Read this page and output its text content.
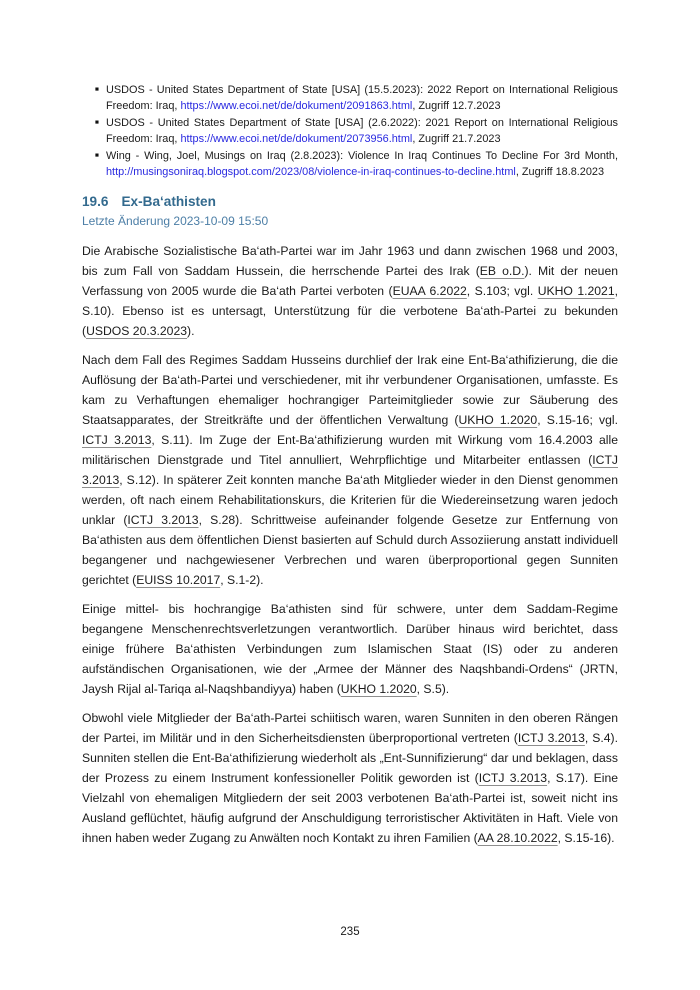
■ USDOS - United States Department of State [USA] (15.5.2023): 2022 Report on International Religious Freedom: Iraq, https://www.ecoi.net/de/dokument/2091863.html, Zugriff 12.7.2023
■ USDOS - United States Department of State [USA] (2.6.2022): 2021 Report on International Religious Freedom: Iraq, https://www.ecoi.net/de/dokument/2073956.html, Zugriff 21.7.2023
■ Wing - Wing, Joel, Musings on Iraq (2.8.2023): Violence In Iraq Continues To Decline For 3rd Month, http://musingsoniraq.blogspot.com/2023/08/violence-in-iraq-continues-to-decline.html, Zugriff 18.8.2023
19.6 Ex-Ba‘athisten
Letzte Änderung 2023-10-09 15:50

Die Arabische Sozialistische Ba‘ath-Partei war im Jahr 1963 und dann zwischen 1968 und 2003, bis zum Fall von Saddam Hussein, die herrschende Partei des Irak (EB o.D.). Mit der neuen Verfassung von 2005 wurde die Ba‘ath Partei verboten (EUAA 6.2022, S.103; vgl. UKHO 1.2021, S.10). Ebenso ist es untersagt, Unterstützung für die verbotene Ba‘ath-Partei zu bekunden (USDOS 20.3.2023).

Nach dem Fall des Regimes Saddam Husseins durchlief der Irak eine Ent-Ba‘athifizierung, die die Auflösung der Ba‘ath-Partei und verschiedener, mit ihr verbundener Organisationen, umfasste. Es kam zu Verhaftungen ehemaliger hochrangiger Parteimitglieder sowie zur Säuberung des Staatsapparates, der Streitkräfte und der öffentlichen Verwaltung (UKHO 1.2020, S.15-16; vgl. ICTJ 3.2013, S.11). Im Zuge der Ent-Ba‘athifizierung wurden mit Wirkung vom 16.4.2003 alle militärischen Dienstgrade und Titel annulliert, Wehrpflichtige und Mitarbeiter entlassen (ICTJ 3.2013, S.12). In späterer Zeit konnten manche Ba‘ath Mitglieder wieder in den Dienst genommen werden, oft nach einem Rehabilitationskurs, die Kriterien für die Wiedereinsetzung waren jedoch unklar (ICTJ 3.2013, S.28). Schrittweise aufeinander folgende Gesetze zur Entfernung von Ba‘athisten aus dem öffentlichen Dienst basierten auf Schuld durch Assoziierung anstatt individuell begangener und nachgewiesener Verbrechen und waren überproportional gegen Sunniten gerichtet (EUISS 10.2017, S.1-2).

Einige mittel- bis hochrangige Ba‘athisten sind für schwere, unter dem Saddam-Regime begangene Menschenrechtsverletzungen verantwortlich. Darüber hinaus wird berichtet, dass einige frühere Ba‘athisten Verbindungen zum Islamischen Staat (IS) oder zu anderen aufständischen Organisationen, wie der „Armee der Männer des Naqshbandi-Ordens“ (JRTN, Jaysh Rijal al-Tariqa al-Naqshbandiyya) haben (UKHO 1.2020, S.5).

Obwohl viele Mitglieder der Ba‘ath-Partei schiitisch waren, waren Sunniten in den oberen Rängen der Partei, im Militär und in den Sicherheitsdiensten überproportional vertreten (ICTJ 3.2013, S.4). Sunniten stellen die Ent-Ba‘athifizierung wiederholt als „Ent-Sunnifizierung“ dar und beklagen, dass der Prozess zu einem Instrument konfessioneller Politik geworden ist (ICTJ 3.2013, S.17). Eine Vielzahl von ehemaligen Mitgliedern der seit 2003 verbotenen Ba‘ath-Partei ist, soweit nicht ins Ausland geflüchtet, häufig aufgrund der Anschuldigung terroristischer Aktivitäten in Haft. Viele von ihnen haben weder Zugang zu Anwälten noch Kontakt zu ihren Familien (AA 28.10.2022, S.15-16).

235
